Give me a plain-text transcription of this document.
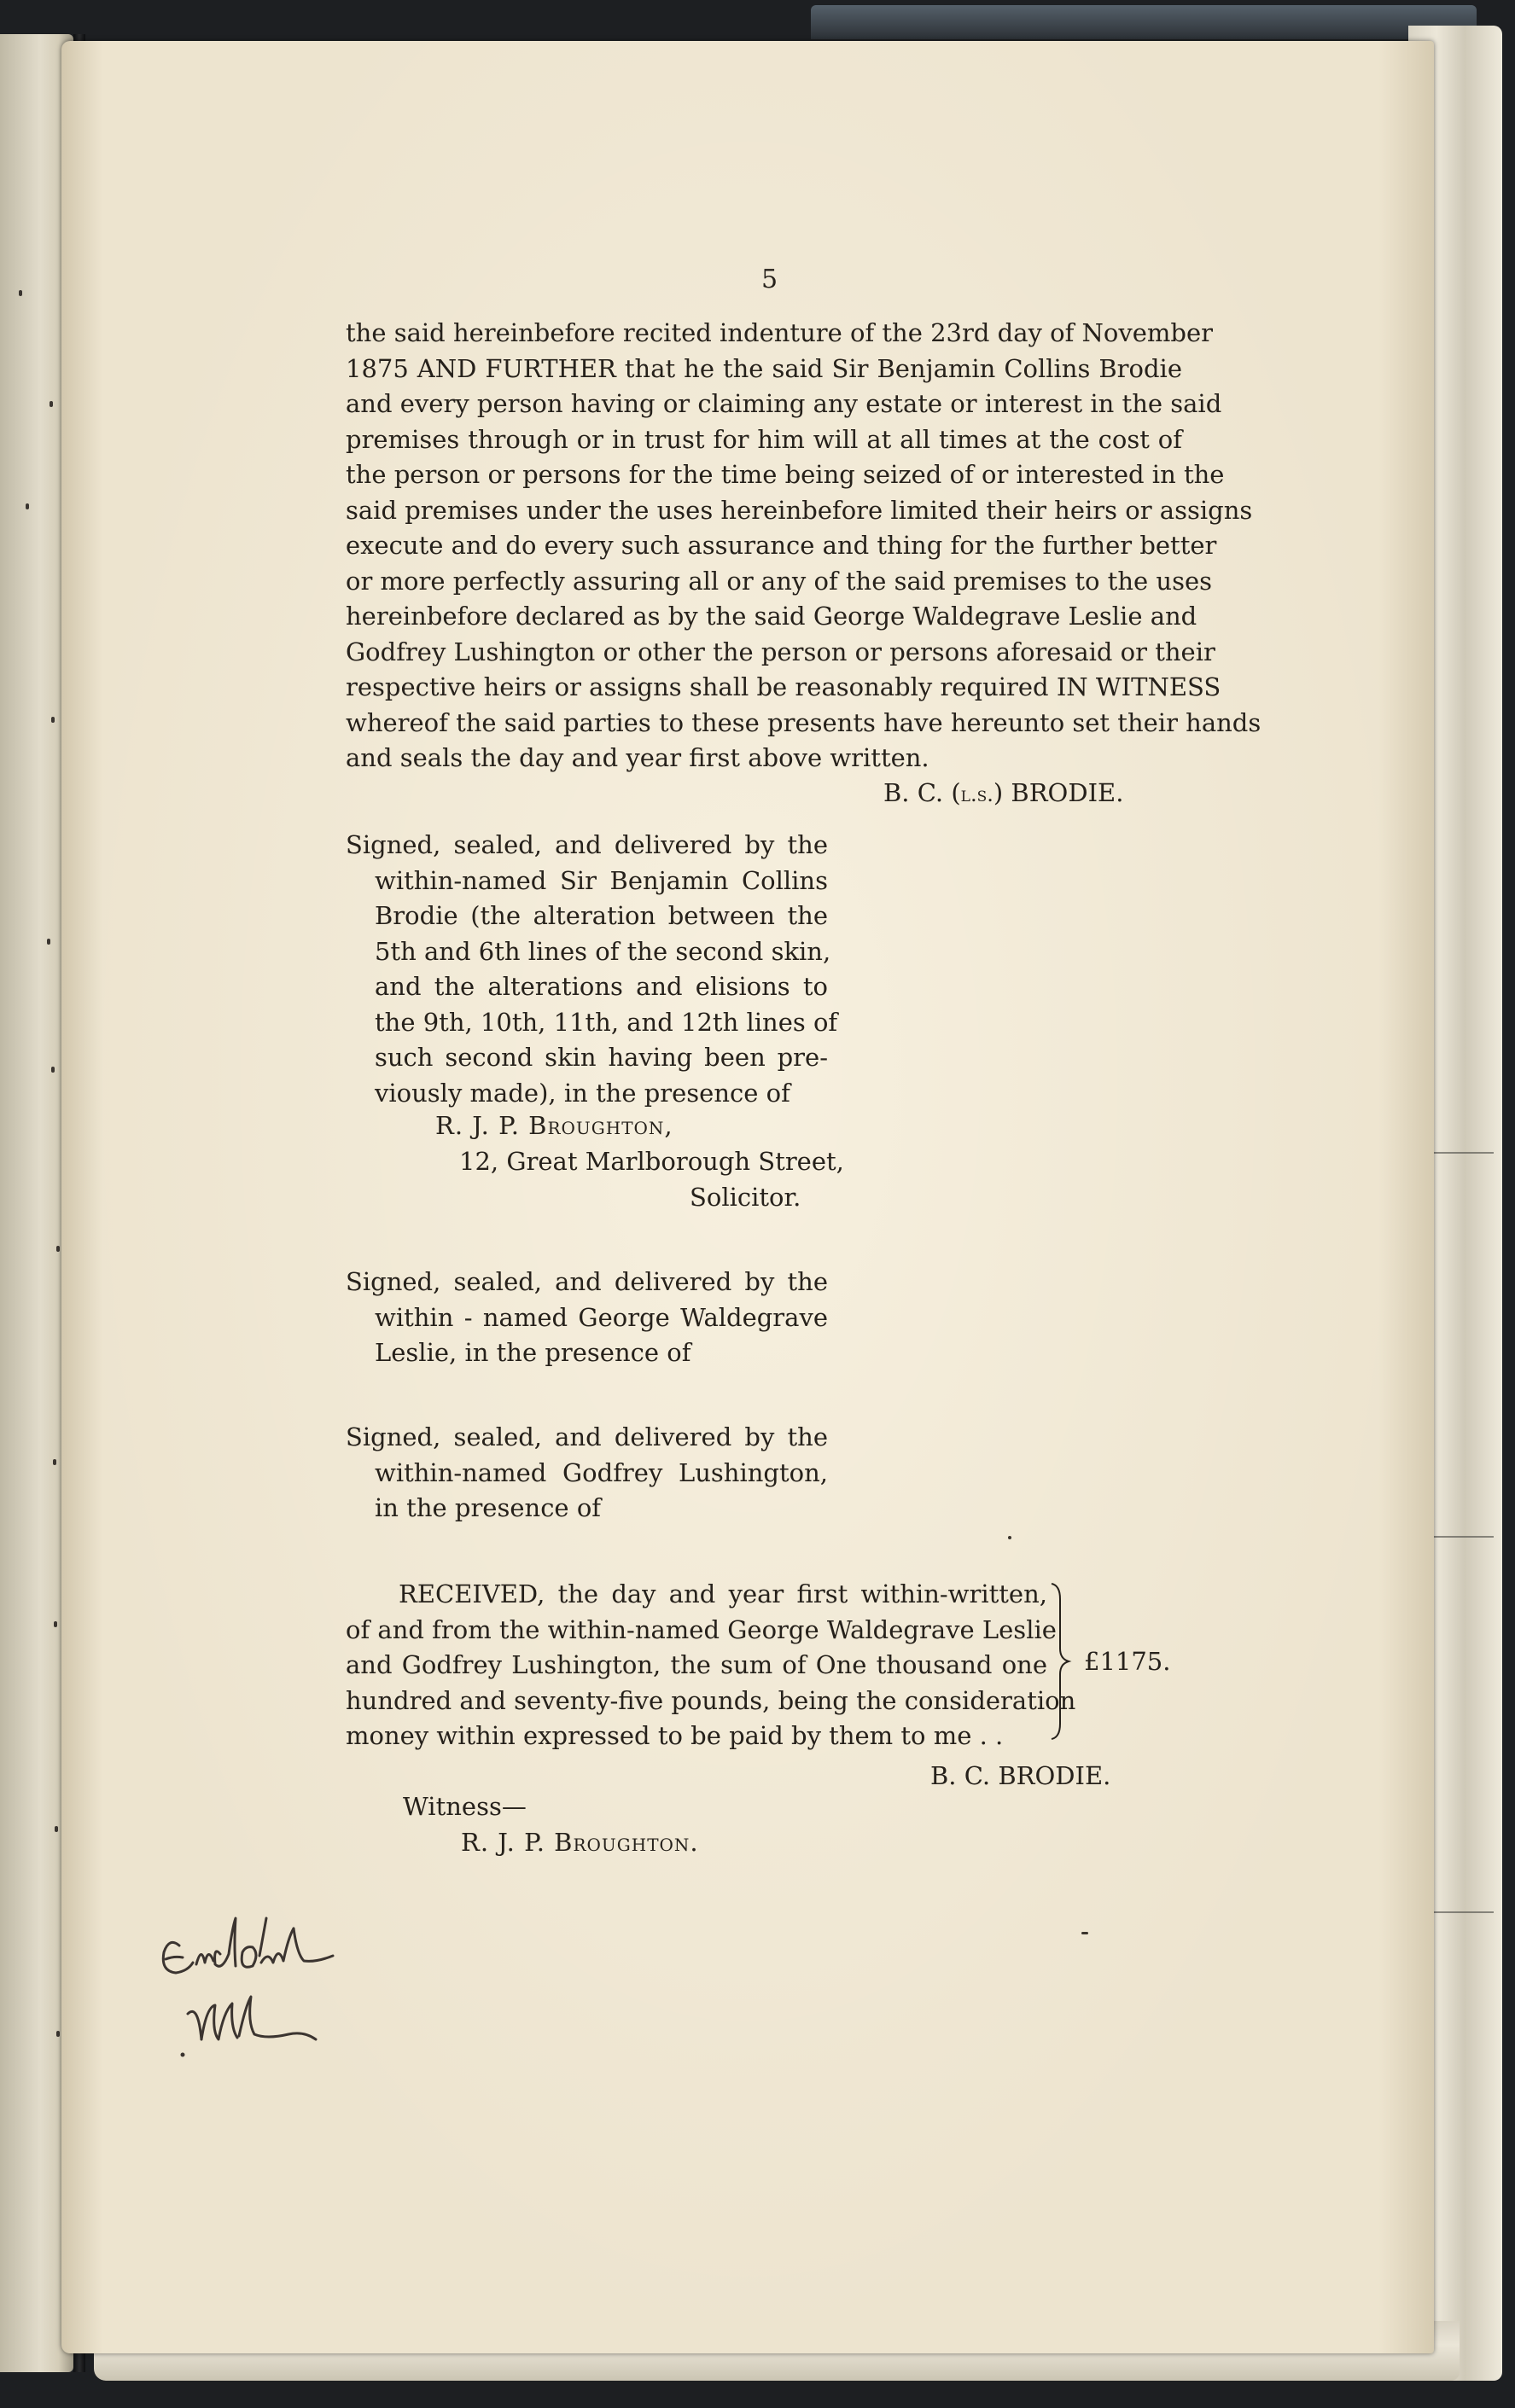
5
the said hereinbefore recited indenture of the 23rd day of November
1875 AND FURTHER that he the said Sir Benjamin Collins Brodie
and every person having or claiming any estate or interest in the said
premises through or in trust for him will at all times at the cost of
the person or persons for the time being seized of or interested in the
said premises under the uses hereinbefore limited their heirs or assigns
execute and do every such assurance and thing for the further better
or more perfectly assuring all or any of the said premises to the uses
hereinbefore declared as by the said George Waldegrave Leslie and
Godfrey Lushington or other the person or persons aforesaid or their
respective heirs or assigns shall be reasonably required IN WITNESS
whereof the said parties to these presents have hereunto set their hands
and seals the day and year first above written.
B. C. (l.s.) BRODIE.
Signed, sealed, and delivered by the
within-named Sir Benjamin Collins
Brodie (the alteration between the
5th and 6th lines of the second skin,
and the alterations and elisions to
the 9th, 10th, 11th, and 12th lines of
such second skin having been pre-
viously made), in the presence of
R. J. P. Broughton,
12, Great Marlborough Street,
Solicitor.
Signed, sealed, and delivered by the
within - named George Waldegrave
Leslie, in the presence of
Signed, sealed, and delivered by the
within-named Godfrey Lushington,
in the presence of
RECEIVED, the day and year first within-written,
of and from the within-named George Waldegrave Leslie
and Godfrey Lushington, the sum of One thousand one
hundred and seventy-five pounds, being the consideration
money within expressed to be paid by them to me . .
£1175.
B. C. BRODIE.
Witness—
R. J. P. Broughton.
